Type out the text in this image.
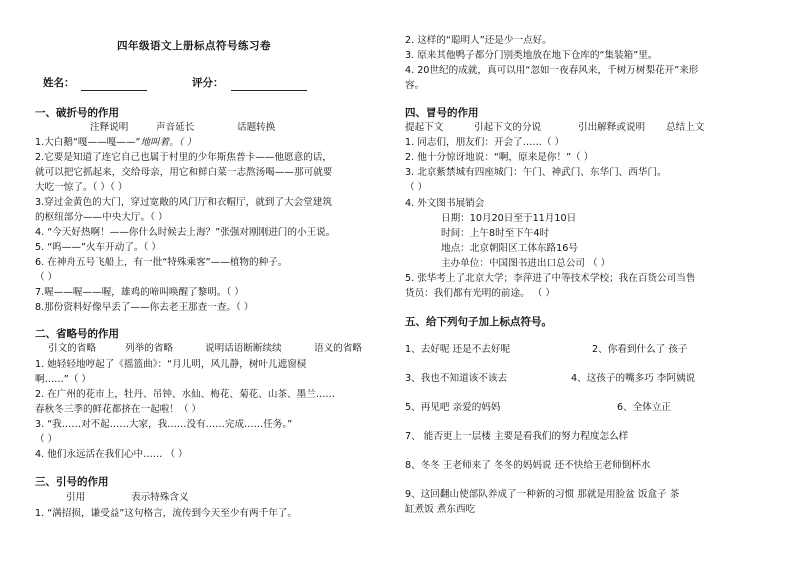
四年级语文上册标点符号练习卷
姓名：	评分：
一、破折号的作用
注释说明	声音延长	话题转换
1.大白鹅“嘎——嘎——”地叫着。（ ）
2.它要是知道了连它自己也属于村里的少年斯焦普卡——他愿意的话，
就可以把它抓起来，交给母亲，用它和鲜白菜一志熬汤喝——那可就要
大吃一惊了。（ ）（ ）
3.穿过金黄色的大门，穿过宽敞的风门厅和衣帽厅，就到了大会堂建筑
的枢纽部分——中央大厅。（ ）
4. “今天好热啊！——你什么时候去上海？”张强对刚刚进门的小王说。
5. “呜——”火车开动了。（ ）
6. 在神舟五号飞船上，有一批“特殊乘客”——植物的种子。
（ ）
7.喔——喔——喔，雄鸡的啼叫唤醒了黎明。（ ）
8.那份资料好像早丢了——你去老王那查一查。（ ）
二、省略号的作用
引文的省略	列举的省略	说明话语断断续续	语义的省略
1. 她轻轻地哼起了《摇篮曲》：“月儿明，风儿静，树叶儿遮窗棂
啊……”（ ）
2. 在广州的花市上，牡丹、吊钟、水仙、梅花、菊花、山茶、墨兰……
春秋冬三季的鲜花都挤在一起啦！（ ）
3. “我……对不起……大家，我……没有……完成……任务。”
（ ）
4. 他们永远活在我们心中…… （ ）
三、引号的作用
引用	表示特殊含义
1. “满招损，谦受益”这句格言，流传到今天至少有两千年了。
2. 这样的“聪明人”还是少一点好。
3. 原来其他鸭子都分门别类地放在地下仓库的“集装箱”里。
4. 20世纪的成就，真可以用“忽如一夜春风来，千树万树梨花开”来形
容。
四、冒号的作用
提起下文	引起下文的分说	引出解释或说明 总结上文
1. 同志们，朋友们：开会了……（ ）
2. 他十分惊讶地说：“啊，原来是你！”（ ）
3. 北京紫禁城有四座城门：午门、神武门、东华门、西华门。
（ ）
4. 外文图书展销会
日期：10月20日至于11月10日
时间：上午8时至下午4时
地点：北京朝阳区工体东路16号
主办单位：中国图书进出口总公司 （ ）
5. 张华考上了北京大学；李萍进了中等技术学校；我在百货公司当售
货员：我们都有光明的前途。 （ ）
五、给下列句子加上标点符号。
1、去好呢 还是不去好呢	2、你看到什么了 孩子
3、我也不知道该不该去	4、这孩子的嘴多巧 李阿姨说
5、再见吧 亲爱的妈妈	6、全体立正
7、 能否更上一层楼 主要是看我们的努力程度怎么样
8、冬冬 王老师来了 冬冬的妈妈说 还不快给王老师倒杯水
9、这回翻山使部队养成了一种新的习惯 那就是用脸盆 饭盒子 茶
缸煮饭 煮东西吃
